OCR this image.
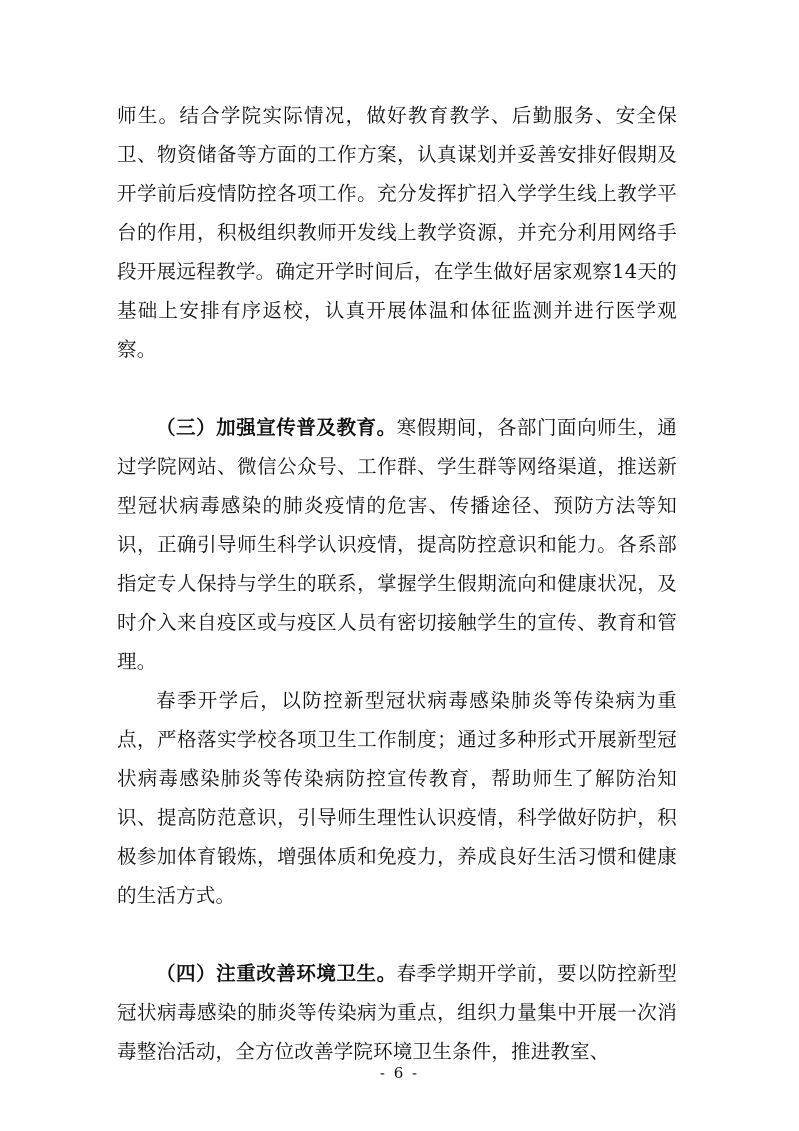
师生。结合学院实际情况，做好教育教学、后勤服务、安全保卫、物资储备等方面的工作方案，认真谋划并妥善安排好假期及开学前后疫情防控各项工作。充分发挥扩招入学学生线上教学平台的作用，积极组织教师开发线上教学资源，并充分利用网络手段开展远程教学。确定开学时间后，在学生做好居家观察14天的基础上安排有序返校，认真开展体温和体征监测并进行医学观察。

（三）加强宣传普及教育。寒假期间，各部门面向师生，通过学院网站、微信公众号、工作群、学生群等网络渠道，推送新型冠状病毒感染的肺炎疫情的危害、传播途径、预防方法等知识，正确引导师生科学认识疫情，提高防控意识和能力。各系部指定专人保持与学生的联系，掌握学生假期流向和健康状况，及时介入来自疫区或与疫区人员有密切接触学生的宣传、教育和管理。

春季开学后，以防控新型冠状病毒感染肺炎等传染病为重点，严格落实学校各项卫生工作制度；通过多种形式开展新型冠状病毒感染肺炎等传染病防控宣传教育，帮助师生了解防治知识、提高防范意识，引导师生理性认识疫情，科学做好防护，积极参加体育锻炼，增强体质和免疫力，养成良好生活习惯和健康的生活方式。

（四）注重改善环境卫生。春季学期开学前，要以防控新型冠状病毒感染的肺炎等传染病为重点，组织力量集中开展一次消毒整治活动，全方位改善学院环境卫生条件，推进教室、

- 6 -
